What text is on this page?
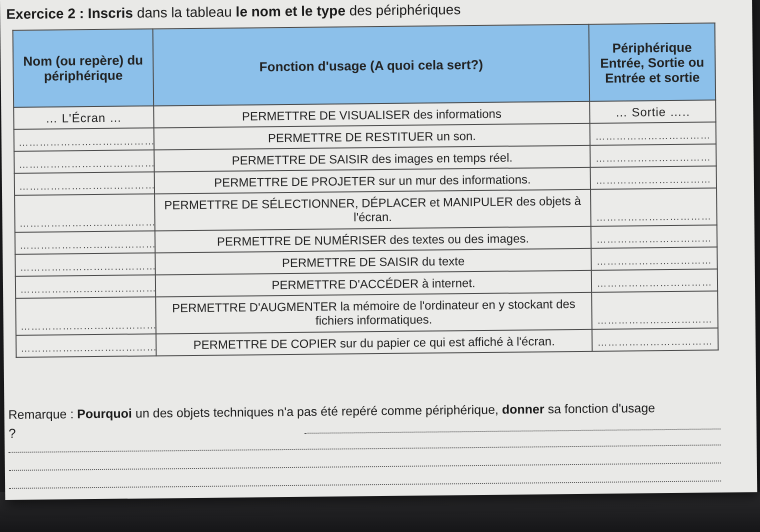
Exercice 2 : Inscris dans la tableau le nom et le type des périphériques
Nom (ou repère) du périphérique	Fonction d'usage (A quoi cela sert?)	Périphérique Entrée, Sortie ou Entrée et sortie
… L'Écran …	PERMETTRE DE VISUALISER des informations	… Sortie …..
…………………………………	PERMETTRE DE RESTITUER un son.	……………………………
…………………………………	PERMETTRE DE SAISIR des images en temps réel.	……………………………
…………………………………	PERMETTRE DE PROJETER sur un mur des informations.	……………………………
…………………………………	PERMETTRE DE SÉLECTIONNER, DÉPLACER et MANIPULER des objets à l'écran.	……………………………
…………………………………	PERMETTRE DE NUMÉRISER des textes ou des images.	……………………………
…………………………………	PERMETTRE DE SAISIR du texte	……………………………
…………………………………	PERMETTRE D'ACCÉDER à internet.	……………………………
…………………………………	PERMETTRE D'AUGMENTER la mémoire de l'ordinateur en y stockant des fichiers informatiques.	……………………………
…………………………………	PERMETTRE DE COPIER sur du papier ce qui est affiché à l'écran.	……………………………
Remarque : Pourquoi un des objets techniques n'a pas été repéré comme périphérique, donner sa fonction d'usage
?
